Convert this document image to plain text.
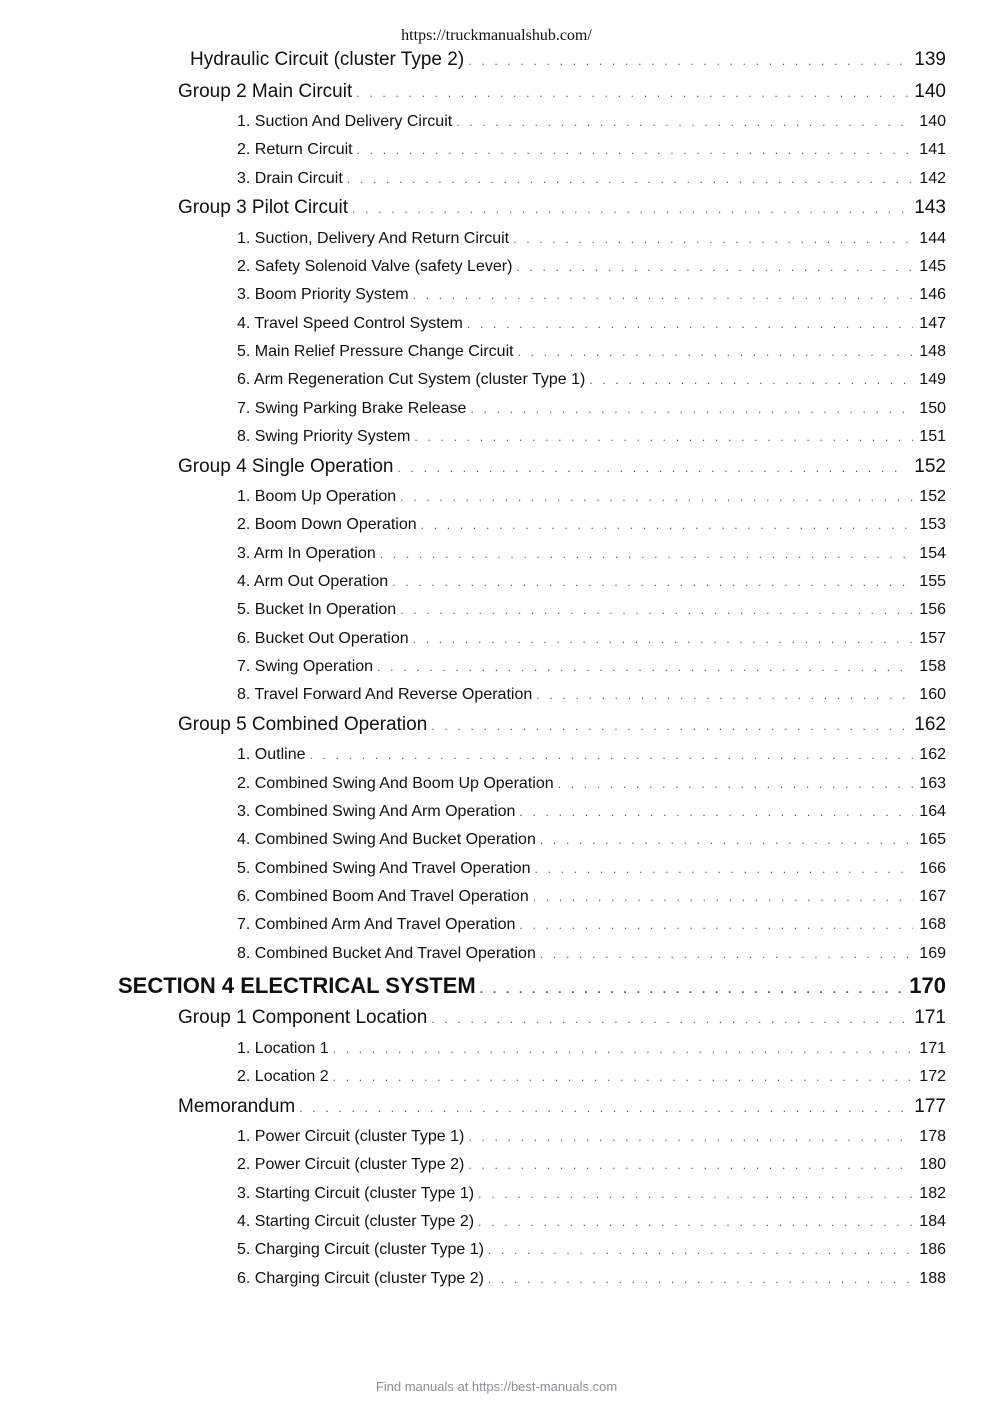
https://truckmanualshub.com/
Hydraulic Circuit (cluster Type 2) . . .	139
Group 2 Main Circuit . . .	140
1. Suction And Delivery Circuit . . .	140
2. Return Circuit . . .	141
3. Drain Circuit . . .	142
Group 3 Pilot Circuit . . .	143
1. Suction, Delivery And Return Circuit . . .	144
2. Safety Solenoid Valve (safety Lever) . . .	145
3. Boom Priority System . . .	146
4. Travel Speed Control System . . .	147
5. Main Relief Pressure Change Circuit . . .	148
6. Arm Regeneration Cut System (cluster Type 1) . . .	149
7. Swing Parking Brake Release . . .	150
8. Swing Priority System . . .	151
Group 4 Single Operation . . .	152
1. Boom Up Operation . . .	152
2. Boom Down Operation . . .	153
3. Arm In Operation . . .	154
4. Arm Out Operation . . .	155
5. Bucket In Operation . . .	156
6. Bucket Out Operation . . .	157
7. Swing Operation . . .	158
8. Travel Forward And Reverse Operation . . .	160
Group 5 Combined Operation . . .	162
1. Outline . . .	162
2. Combined Swing And Boom Up Operation . . .	163
3. Combined Swing And Arm Operation . . .	164
4. Combined Swing And Bucket Operation . . .	165
5. Combined Swing And Travel Operation . . .	166
6. Combined Boom And Travel Operation . . .	167
7. Combined Arm And Travel Operation . . .	168
8. Combined Bucket And Travel Operation . . .	169
SECTION 4 ELECTRICAL SYSTEM . . .	170
Group 1 Component Location . . .	171
1. Location 1 . . .	171
2. Location 2 . . .	172
Memorandum . . .	177
1. Power Circuit (cluster Type 1) . . .	178
2. Power Circuit (cluster Type 2) . . .	180
3. Starting Circuit (cluster Type 1) . . .	182
4. Starting Circuit (cluster Type 2) . . .	184
5. Charging Circuit (cluster Type 1) . . .	186
6. Charging Circuit (cluster Type 2) . . .	188
Find manuals at https://best-manuals.com
